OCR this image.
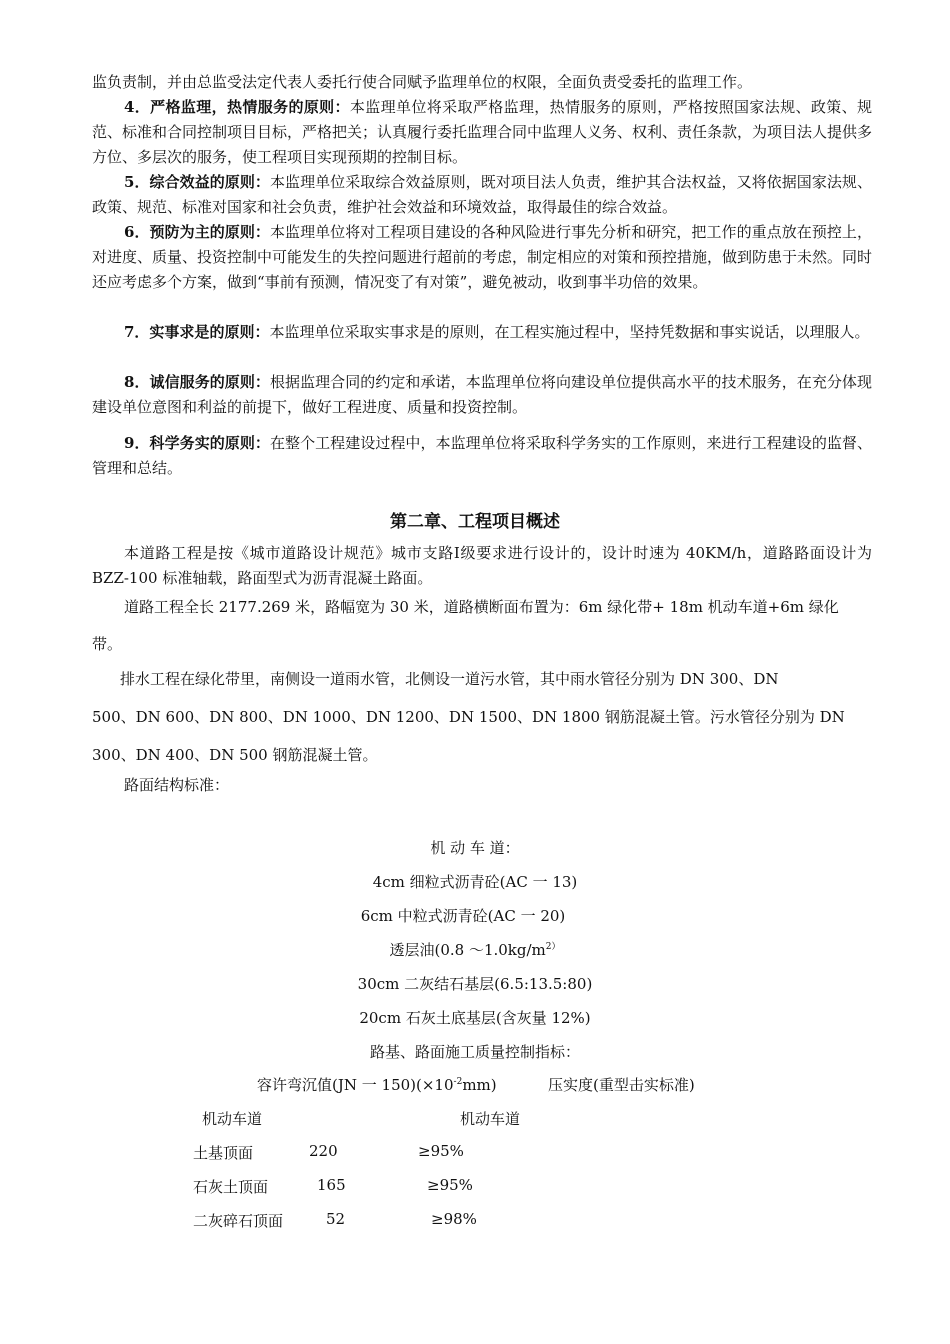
监负责制，并由总监受法定代表人委托行使合同赋予监理单位的权限，全面负责受委托的监理工作。

4．严格监理，热情服务的原则：本监理单位将采取严格监理，热情服务的原则，严格按照国家法规、政策、规范、标准和合同控制项目目标，严格把关；认真履行委托监理合同中监理人义务、权利、责任条款，为项目法人提供多方位、多层次的服务，使工程项目实现预期的控制目标。

5．综合效益的原则：本监理单位采取综合效益原则，既对项目法人负责，维护其合法权益，又将依据国家法规、政策、规范、标准对国家和社会负责，维护社会效益和环境效益，取得最佳的综合效益。

6．预防为主的原则：本监理单位将对工程项目建设的各种风险进行事先分析和研究，把工作的重点放在预控上，对进度、质量、投资控制中可能发生的失控问题进行超前的考虑，制定相应的对策和预控措施，做到防患于未然。同时还应考虑多个方案，做到“事前有预测，情况变了有对策”，避免被动，收到事半功倍的效果。

7．实事求是的原则：本监理单位采取实事求是的原则，在工程实施过程中，坚持凭数据和事实说话，以理服人。

8．诚信服务的原则：根据监理合同的约定和承诺，本监理单位将向建设单位提供高水平的技术服务，在充分体现建设单位意图和利益的前提下，做好工程进度、质量和投资控制。

9．科学务实的原则：在整个工程建设过程中，本监理单位将采取科学务实的工作原则，来进行工程建设的监督、管理和总结。

第二章、工程项目概述

本道路工程是按《城市道路设计规范》城市支路Ⅰ级要求进行设计的，设计时速为 40KM/h，道路路面设计为 BZZ-100 标准轴载，路面型式为沥青混凝土路面。

道路工程全长 2177.269 米，路幅宽为 30 米，道路横断面布置为：6m 绿化带+ 18m 机动车道+6m 绿化

带。

排水工程在绿化带里，南侧设一道雨水管，北侧设一道污水管，其中雨水管径分别为 DN 300、DN

500、DN 600、DN 800、DN 1000、DN 1200、DN 1500、DN 1800 钢筋混凝土管。污水管径分别为 DN

300、DN 400、DN 500 钢筋混凝土管。

路面结构标准：

机 动 车 道：
4cm 细粒式沥青砼(AC 一 13)
6cm 中粒式沥青砼(AC 一 20)
透层油(0.8 $\sim 1.0kg/m^{2)}$
30cm 二灰结石基层(6.5:13.5:80)
20cm 石灰土底基层(含灰量 12%)
路基、路面施工质量控制指标：

容许弯沉值(JN 一 $150)(\times 10^{-2}mm)$	压实度(重型击实标准)

机动车道	机动车道

土基顶面	220	≥95%

石灰土顶面	165	≥95%

二灰碎石顶面	52	≥98%
